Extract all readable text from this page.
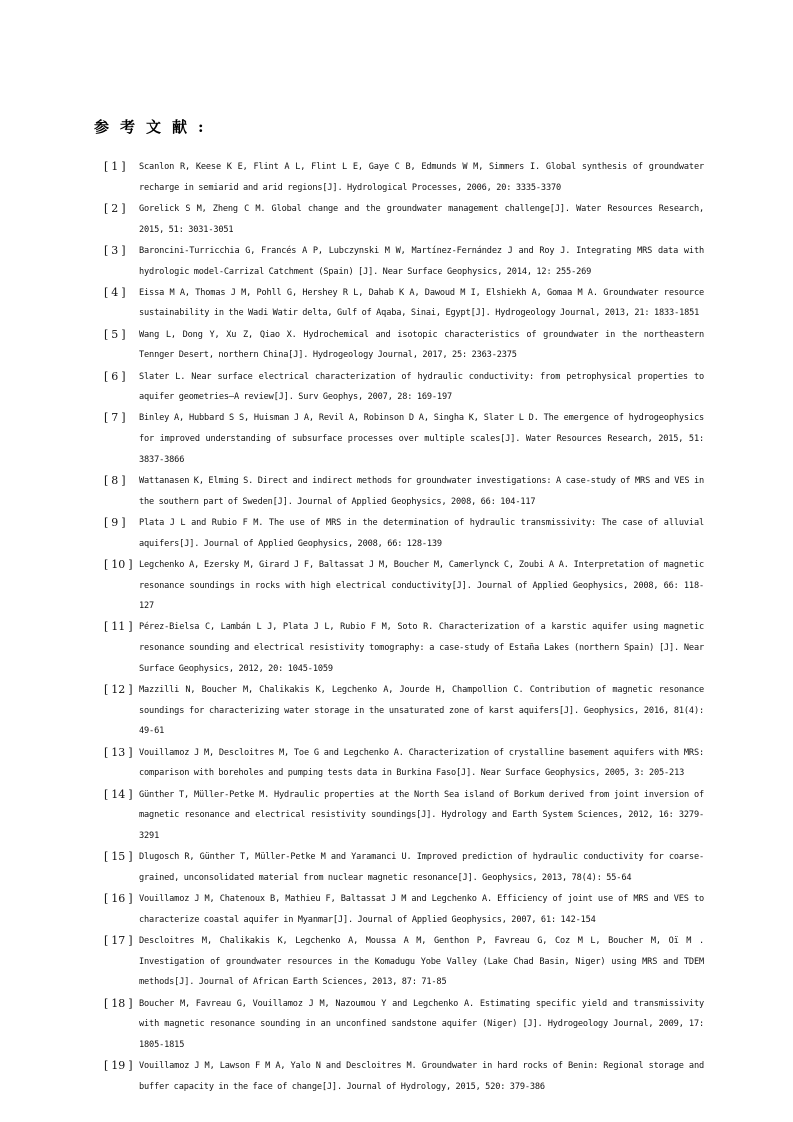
参考文献:
[ 1 ] Scanlon R, Keese K E, Flint A L, Flint L E, Gaye C B, Edmunds W M, Simmers I. Global synthesis of groundwater recharge in semiarid and arid regions[J]. Hydrological Processes, 2006, 20: 3335-3370
[ 2 ] Gorelick S M, Zheng C M. Global change and the groundwater management challenge[J]. Water Resources Research, 2015, 51: 3031-3051
[ 3 ] Baroncini-Turricchia G, Francés A P, Lubczynski M W, Martínez-Fernández J and Roy J. Integrating MRS data with hydrologic model-Carrizal Catchment (Spain) [J]. Near Surface Geophysics, 2014, 12: 255-269
[ 4 ] Eissa M A, Thomas J M, Pohll G, Hershey R L, Dahab K A, Dawoud M I, Elshiekh A, Gomaa M A. Groundwater resource sustainability in the Wadi Watir delta, Gulf of Aqaba, Sinai, Egypt[J]. Hydrogeology Journal, 2013, 21: 1833-1851
[ 5 ] Wang L, Dong Y, Xu Z, Qiao X. Hydrochemical and isotopic characteristics of groundwater in the northeastern Tennger Desert, northern China[J]. Hydrogeology Journal, 2017, 25: 2363-2375
[ 6 ] Slater L. Near surface electrical characterization of hydraulic conductivity: from petrophysical properties to aquifer geometries–A review[J]. Surv Geophys, 2007, 28: 169-197
[ 7 ] Binley A, Hubbard S S, Huisman J A, Revil A, Robinson D A, Singha K, Slater L D. The emergence of hydrogeophysics for improved understanding of subsurface processes over multiple scales[J]. Water Resources Research, 2015, 51: 3837-3866
[ 8 ] Wattanasen K, Elming S. Direct and indirect methods for groundwater investigations: A case-study of MRS and VES in the southern part of Sweden[J]. Journal of Applied Geophysics, 2008, 66: 104-117
[ 9 ] Plata J L and Rubio F M. The use of MRS in the determination of hydraulic transmissivity: The case of alluvial aquifers[J]. Journal of Applied Geophysics, 2008, 66: 128-139
[ 10 ] Legchenko A, Ezersky M, Girard J F, Baltassat J M, Boucher M, Camerlynck C, Zoubi A A. Interpretation of magnetic resonance soundings in rocks with high electrical conductivity[J]. Journal of Applied Geophysics, 2008, 66: 118-127
[ 11 ] Pérez-Bielsa C, Lambán L J, Plata J L, Rubio F M, Soto R. Characterization of a karstic aquifer using magnetic resonance sounding and electrical resistivity tomography: a case-study of Estaña Lakes (northern Spain) [J]. Near Surface Geophysics, 2012, 20: 1045-1059
[ 12 ] Mazzilli N, Boucher M, Chalikakis K, Legchenko A, Jourde H, Champollion C. Contribution of magnetic resonance soundings for characterizing water storage in the unsaturated zone of karst aquifers[J]. Geophysics, 2016, 81(4): 49-61
[ 13 ] Vouillamoz J M, Descloitres M, Toe G and Legchenko A. Characterization of crystalline basement aquifers with MRS: comparison with boreholes and pumping tests data in Burkina Faso[J]. Near Surface Geophysics, 2005, 3: 205-213
[ 14 ] Günther T, Müller-Petke M. Hydraulic properties at the North Sea island of Borkum derived from joint inversion of magnetic resonance and electrical resistivity soundings[J]. Hydrology and Earth System Sciences, 2012, 16: 3279-3291
[ 15 ] Dlugosch R, Günther T, Müller-Petke M and Yaramanci U. Improved prediction of hydraulic conductivity for coarse-grained, unconsolidated material from nuclear magnetic resonance[J]. Geophysics, 2013, 78(4): 55-64
[ 16 ] Vouillamoz J M, Chatenoux B, Mathieu F, Baltassat J M and Legchenko A. Efficiency of joint use of MRS and VES to characterize coastal aquifer in Myanmar[J]. Journal of Applied Geophysics, 2007, 61: 142-154
[ 17 ] Descloitres M, Chalikakis K, Legchenko A, Moussa A M, Genthon P, Favreau G, Coz M L, Boucher M, Oï M . Investigation of groundwater resources in the Komadugu Yobe Valley (Lake Chad Basin, Niger) using MRS and TDEM methods[J]. Journal of African Earth Sciences, 2013, 87: 71-85
[ 18 ] Boucher M, Favreau G, Vouillamoz J M, Nazoumou Y and Legchenko A. Estimating specific yield and transmissivity with magnetic resonance sounding in an unconfined sandstone aquifer (Niger) [J]. Hydrogeology Journal, 2009, 17: 1805-1815
[ 19 ] Vouillamoz J M, Lawson F M A, Yalo N and Descloitres M. Groundwater in hard rocks of Benin: Regional storage and buffer capacity in the face of change[J]. Journal of Hydrology, 2015, 520: 379-386
